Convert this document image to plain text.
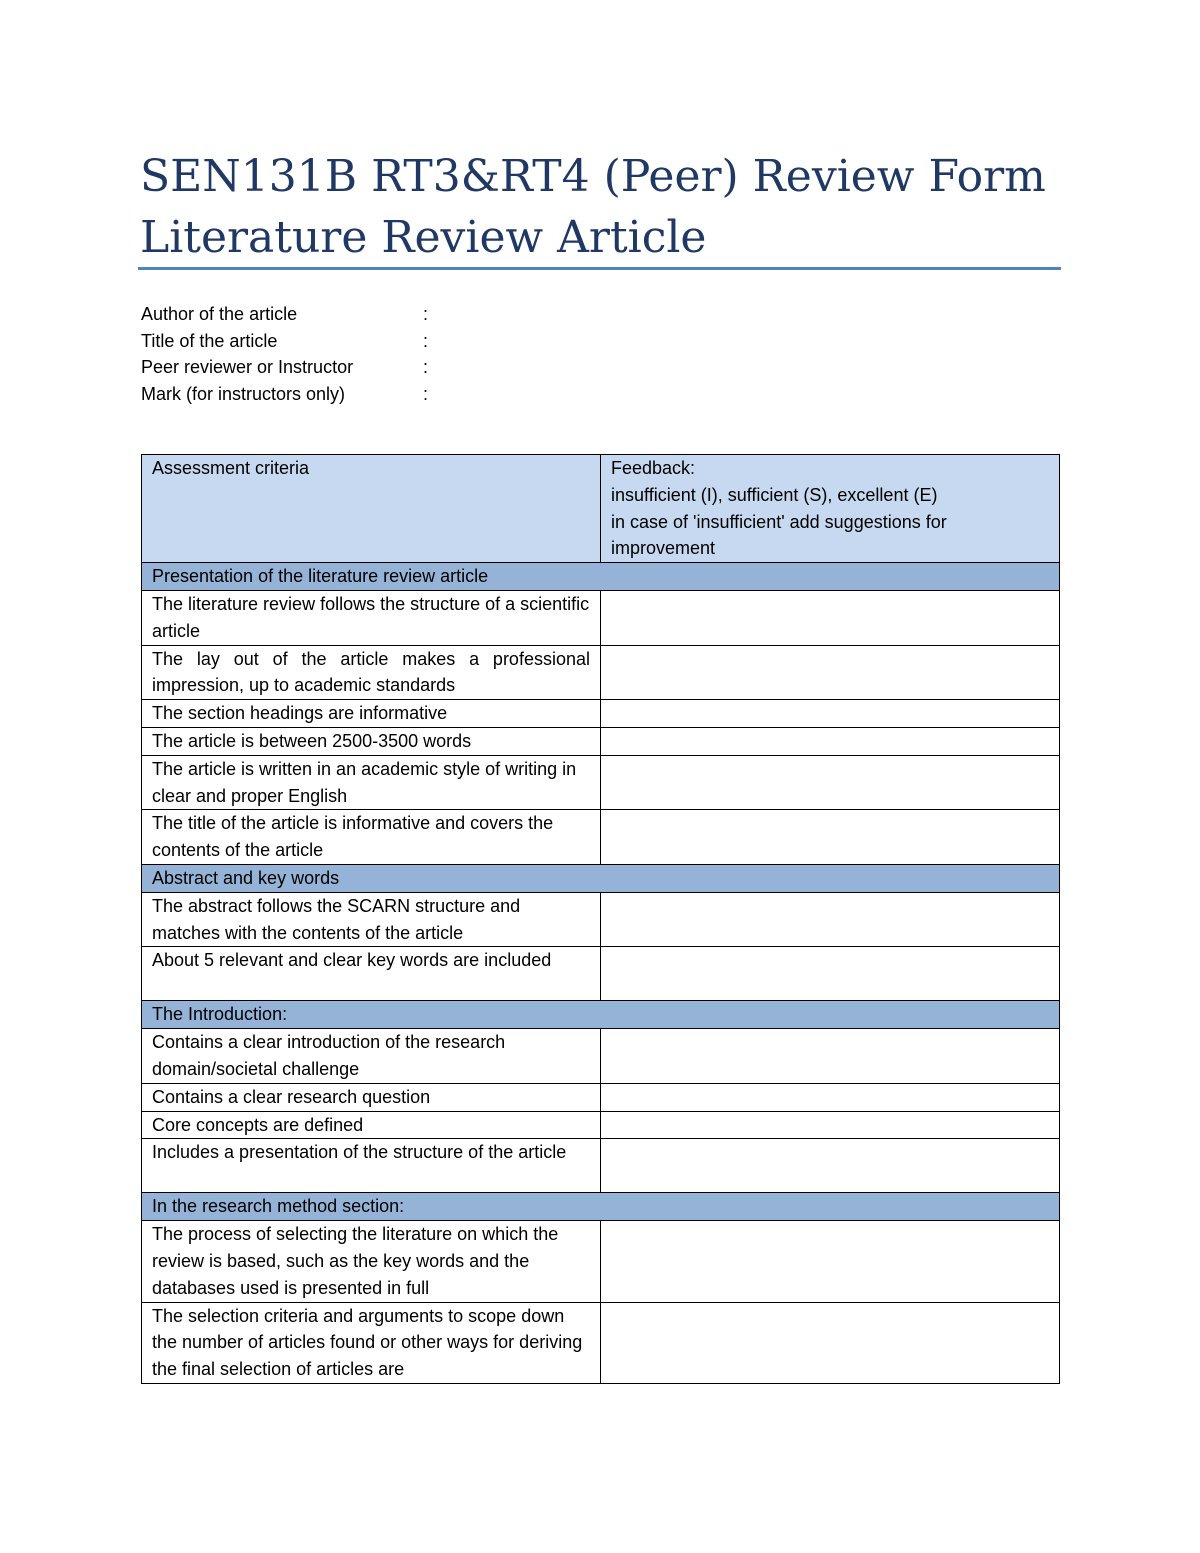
SEN131B RT3&RT4 (Peer) Review Form
Literature Review Article
Author of the article	:
Title of the article	:
Peer reviewer or Instructor	:
Mark (for instructors only)	:
Assessment criteria	Feedback:
insufficient (I), sufficient (S), excellent (E)
in case of 'insufficient' add suggestions for improvement

Presentation of the literature review article	
The literature review follows the structure of a scientific article	
The lay out of the article makes a professional impression, up to academic standards	
The section headings are informative	
The article is between 2500-3500 words	
The article is written in an academic style of writing in clear and proper English	
The title of the article is informative and covers the contents of the article	
Abstract and key words	
The abstract follows the SCARN structure and matches with the contents of the article	
About 5 relevant and clear key words are included	
The Introduction:	
Contains a clear introduction of the research domain/societal challenge	
Contains a clear research question	
Core concepts are defined	
Includes a presentation of the structure of the article	
In the research method section:	
The process of selecting the literature on which the review is based, such as the key words and the databases used is presented in full	
The selection criteria and arguments to scope down the number of articles found or other ways for deriving the final selection of articles are	
